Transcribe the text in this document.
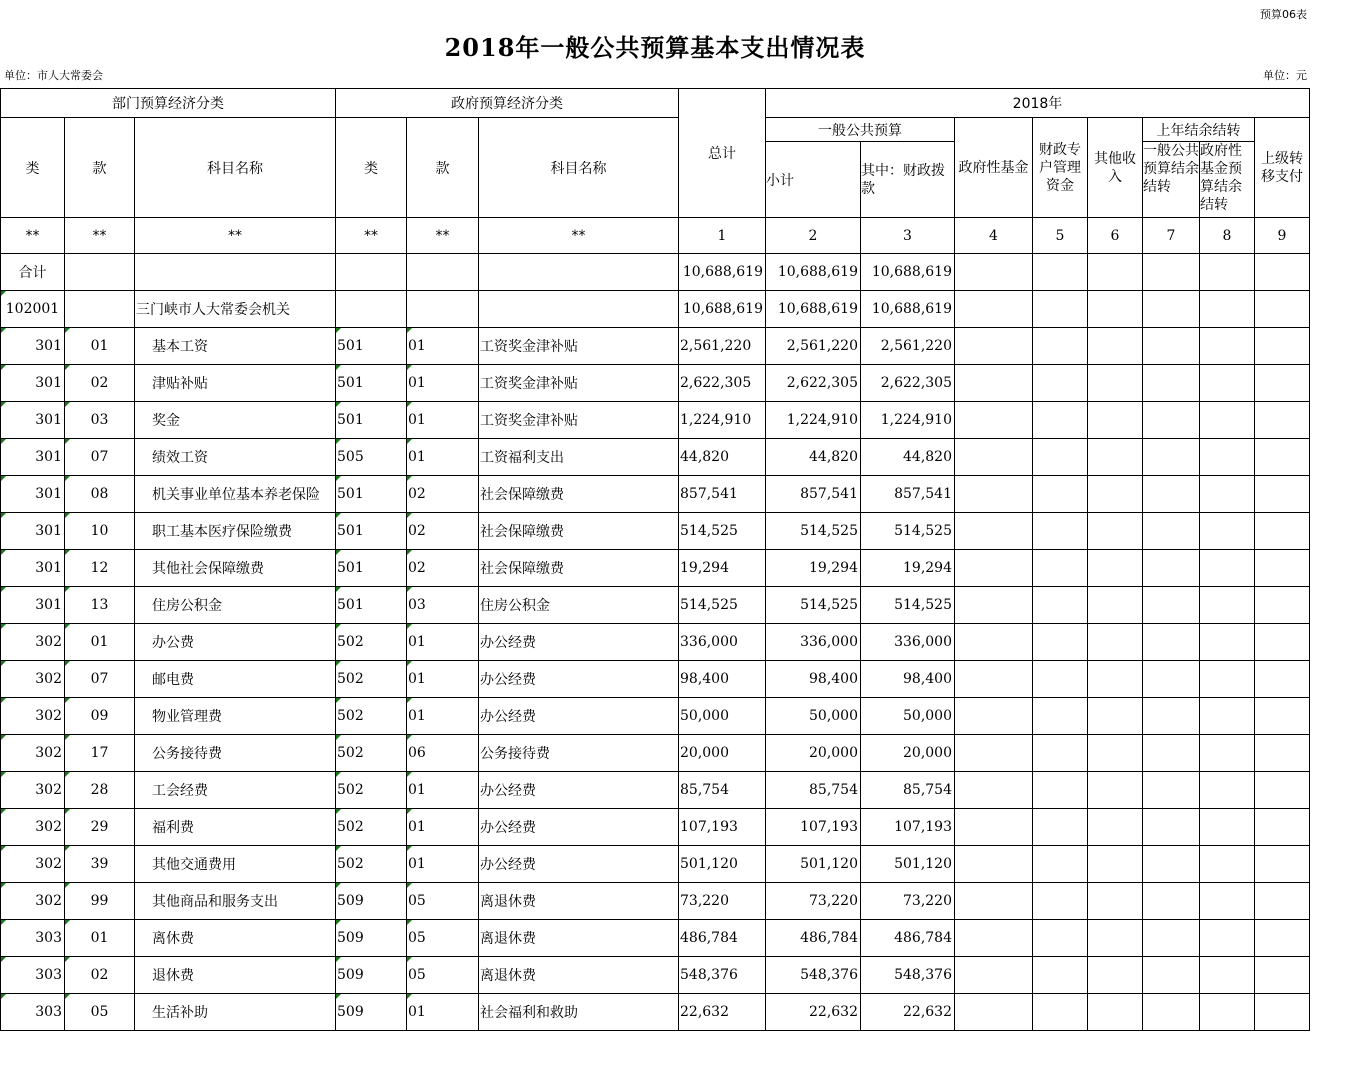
预算06表
2018年一般公共预算基本支出情况表
单位：市人大常委会	单位：元
部门预算经济分类			政府预算经济分类			总计	2018年							
类	款	科目名称	类	款	科目名称		一般公共预算		政府性基金	财政专户管理资金	其他收入	上年结余结转		上级转移支付
							小计	其中：财政拨款				一般公共预算结余结转	政府性基金预算结余结转	
**	**	**	**	**	**	1	2	3	4	5	6	7	8	9
合计						10,688,619	10,688,619	10,688,619						
102001		三门峡市人大常委会机关				10,688,619	10,688,619	10,688,619						
301	01	基本工资	501	01	工资奖金津补贴	2,561,220	2,561,220	2,561,220						
301	02	津贴补贴	501	01	工资奖金津补贴	2,622,305	2,622,305	2,622,305						
301	03	奖金	501	01	工资奖金津补贴	1,224,910	1,224,910	1,224,910						
301	07	绩效工资	505	01	工资福利支出	44,820	44,820	44,820						
301	08	机关事业单位基本养老保险	501	02	社会保障缴费	857,541	857,541	857,541						
301	10	职工基本医疗保险缴费	501	02	社会保障缴费	514,525	514,525	514,525						
301	12	其他社会保障缴费	501	02	社会保障缴费	19,294	19,294	19,294						
301	13	住房公积金	501	03	住房公积金	514,525	514,525	514,525						
302	01	办公费	502	01	办公经费	336,000	336,000	336,000						
302	07	邮电费	502	01	办公经费	98,400	98,400	98,400						
302	09	物业管理费	502	01	办公经费	50,000	50,000	50,000						
302	17	公务接待费	502	06	公务接待费	20,000	20,000	20,000						
302	28	工会经费	502	01	办公经费	85,754	85,754	85,754						
302	29	福利费	502	01	办公经费	107,193	107,193	107,193						
302	39	其他交通费用	502	01	办公经费	501,120	501,120	501,120						
302	99	其他商品和服务支出	509	05	离退休费	73,220	73,220	73,220						
303	01	离休费	509	05	离退休费	486,784	486,784	486,784						
303	02	退休费	509	05	离退休费	548,376	548,376	548,376						
303	05	生活补助	509	01	社会福利和救助	22,632	22,632	22,632						
